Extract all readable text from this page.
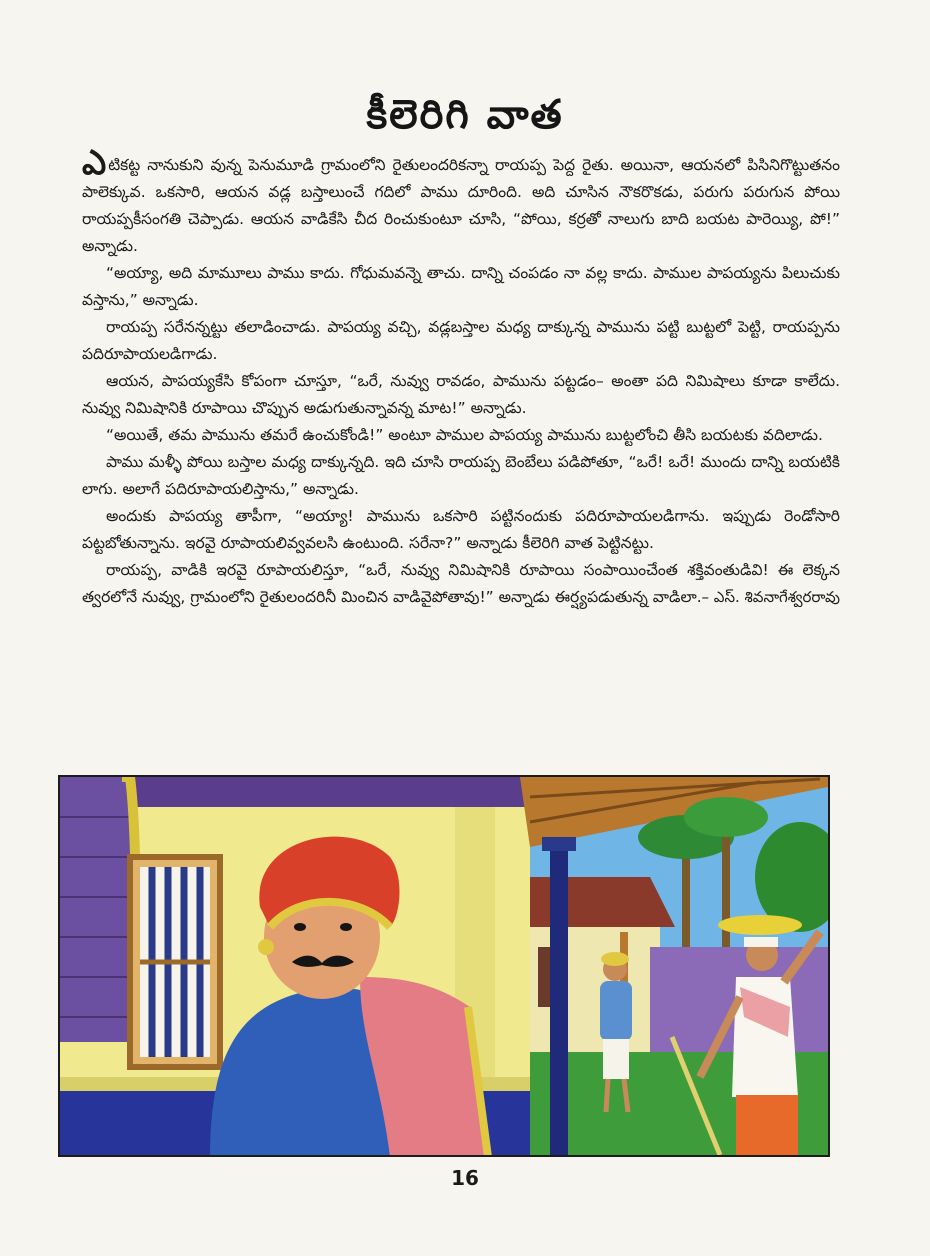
కీలెరిగి వాత

ఎటికట్ట నానుకుని వున్న పెనుమూడి గ్రామంలోని రైతులందరికన్నా రాయప్ప పెద్ద రైతు. అయినా, ఆయనలో పిసినిగొట్టుతనం పాలెక్కువ. ఒకసారి, ఆయన వడ్ల బస్తాలుంచే గదిలో పాము దూరింది. అది చూసిన నౌకరొకడు, పరుగు పరుగున పోయి రాయప్పకీసంగతి చెప్పాడు. ఆయన వాడికేసి చీద రించుకుంటూ చూసి, “పోయి, కర్రతో నాలుగు బాది బయట పారెయ్యి, పో!” అన్నాడు.

“అయ్యా, అది మామూలు పాము కాదు. గోధుమవన్నె తాచు. దాన్ని చంపడం నా వల్ల కాదు. పాముల పాపయ్యను పిలుచుకు వస్తాను,” అన్నాడు.

రాయప్ప సరేనన్నట్టు తలాడించాడు. పాపయ్య వచ్చి, వడ్లబస్తాల మధ్య దాక్కున్న పామును పట్టి బుట్టలో పెట్టి, రాయప్పను పదిరూపాయలడిగాడు.

ఆయన, పాపయ్యకేసి కోపంగా చూస్తూ, “ఒరే, నువ్వు రావడం, పామును పట్టడం– అంతా పది నిమిషాలు కూడా కాలేదు. నువ్వు నిమిషానికి రూపాయి చొప్పున అడుగుతున్నావన్న మాట!” అన్నాడు.

“అయితే, తమ పామును తమరే ఉంచుకోండి!” అంటూ పాముల పాపయ్య పామును బుట్టలోంచి తీసి బయటకు వదిలాడు.

పాము మళ్ళీ పోయి బస్తాల మధ్య దాక్కున్నది. ఇది చూసి రాయప్ప బెంబేలు పడిపోతూ, “ఒరే! ఒరే! ముందు దాన్ని బయటికి లాగు. అలాగే పదిరూపాయలిస్తాను,” అన్నాడు.

అందుకు పాపయ్య తాపీగా, “అయ్యా! పామును ఒకసారి పట్టినందుకు పదిరూపాయలడిగాను. ఇప్పుడు రెండోసారి పట్టబోతున్నాను. ఇరవై రూపాయలివ్వవలసి ఉంటుంది. సరేనా?” అన్నాడు కీలెరిగి వాత పెట్టినట్టు.

రాయప్ప, వాడికి ఇరవై రూపాయలిస్తూ, “ఒరే, నువ్వు నిమిషానికి రూపాయి సంపాయించేంత శక్తివంతుడివి! ఈ లెక్కన త్వరలోనే నువ్వు, గ్రామంలోని రైతులందరినీ మించిన వాడివైపోతావు!” అన్నాడు ఈర్ష్యపడుతున్న వాడిలా. – ఎస్. శివనాగేశ్వరరావు
16
